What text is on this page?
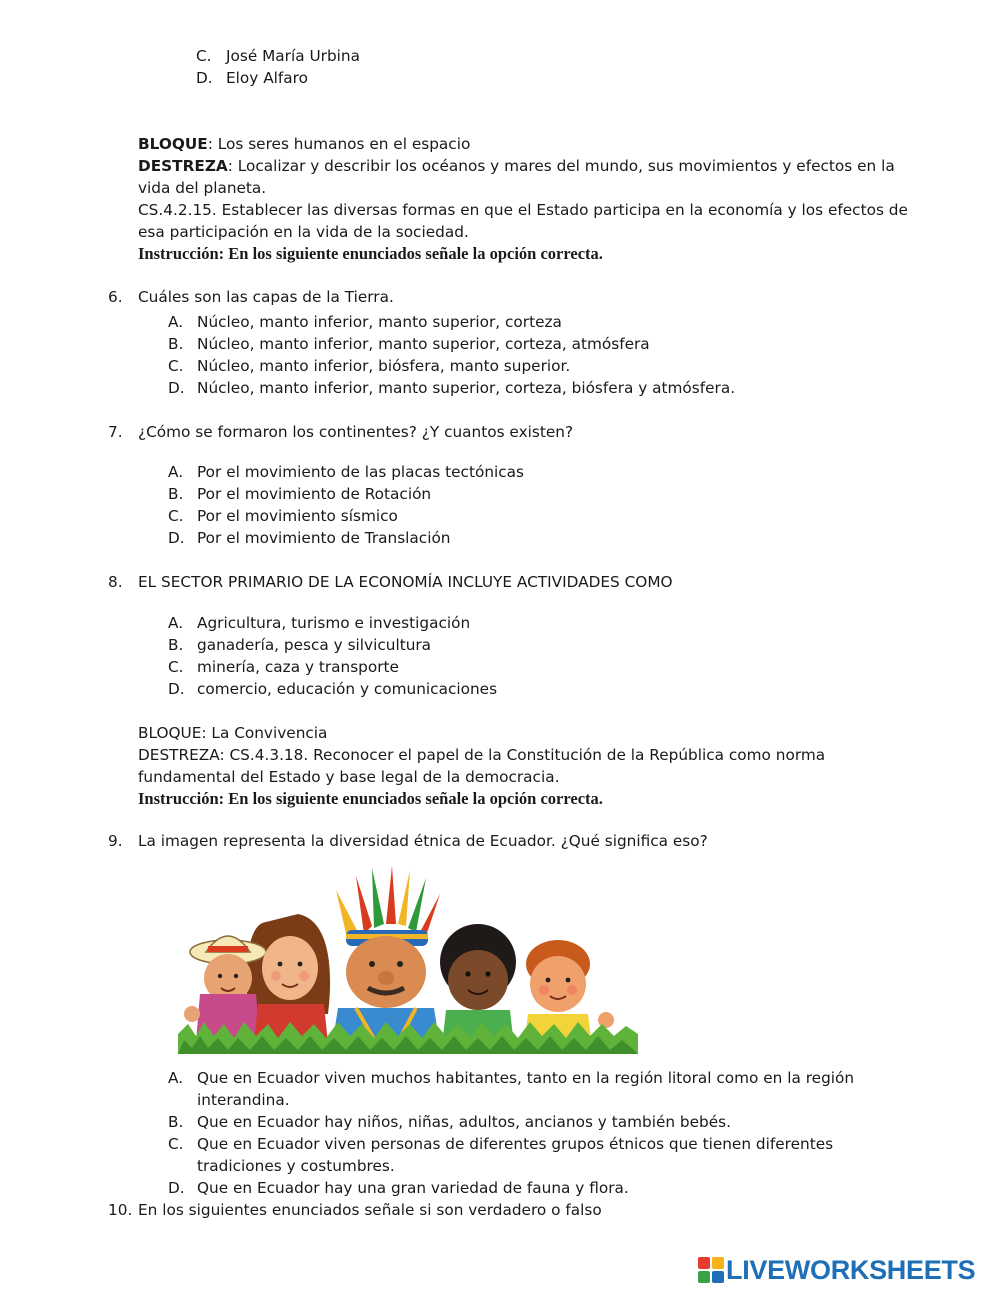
C. José María Urbina
D. Eloy Alfaro
BLOQUE: Los seres humanos en el espacio
DESTREZA: Localizar y describir los océanos y mares del mundo, sus movimientos y efectos en la
vida del planeta.
CS.4.2.15. Establecer las diversas formas en que el Estado participa en la economía y los efectos de
esa participación en la vida de la sociedad.
Instrucción: En los siguiente enunciados señale la opción correcta.
6. Cuáles son las capas de la Tierra.
A. Núcleo, manto inferior, manto superior, corteza
B. Núcleo, manto inferior, manto superior, corteza, atmósfera
C. Núcleo, manto inferior, biósfera, manto superior.
D. Núcleo, manto inferior, manto superior, corteza, biósfera y atmósfera.
7. ¿Cómo se formaron los continentes? ¿Y cuantos existen?
A. Por el movimiento de las placas tectónicas
B. Por el movimiento de Rotación
C. Por el movimiento sísmico
D. Por el movimiento de Translación
8. EL SECTOR PRIMARIO DE LA ECONOMÍA INCLUYE ACTIVIDADES COMO
A. Agricultura, turismo e investigación
B. ganadería, pesca y silvicultura
C. minería, caza y transporte
D. comercio, educación y comunicaciones
BLOQUE: La Convivencia
DESTREZA: CS.4.3.18. Reconocer el papel de la Constitución de la República como norma
fundamental del Estado y base legal de la democracia.
Instrucción: En los siguiente enunciados señale la opción correcta.
9. La imagen representa la diversidad étnica de Ecuador. ¿Qué significa eso?
A. Que en Ecuador viven muchos habitantes, tanto en la región litoral como en la región
interandina.
B. Que en Ecuador hay niños, niñas, adultos, ancianos y también bebés.
C. Que en Ecuador viven personas de diferentes grupos étnicos que tienen diferentes
tradiciones y costumbres.
D. Que en Ecuador hay una gran variedad de fauna y flora.
10. En los siguientes enunciados señale si son verdadero o falso
LIVEWORKSHEETS
